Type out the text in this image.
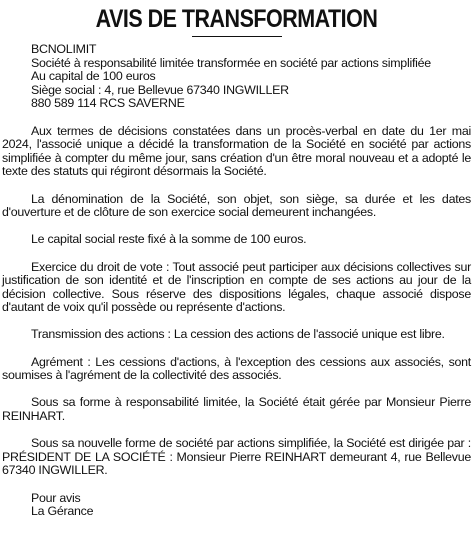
AVIS DE TRANSFORMATION
BCNOLIMIT
Société à responsabilité limitée transformée en société par actions simplifiée
Au capital de 100 euros
Siège social : 4, rue Bellevue 67340 INGWILLER
880 589 114 RCS SAVERNE

Aux termes de décisions constatées dans un procès-verbal en date du 1er mai 2024, l'associé unique a décidé la transformation de la Société en société par actions simplifiée à compter du même jour, sans création d'un être moral nouveau et a adopté le texte des statuts qui régiront désormais la Société.

La dénomination de la Société, son objet, son siège, sa durée et les dates d'ouverture et de clôture de son exercice social demeurent inchangées.

Le capital social reste fixé à la somme de 100 euros.

Exercice du droit de vote : Tout associé peut participer aux décisions collectives sur justification de son identité et de l'inscription en compte de ses actions au jour de la décision collective. Sous réserve des dispositions légales, chaque associé dispose d'autant de voix qu'il possède ou représente d'actions.

Transmission des actions : La cession des actions de l'associé unique est libre.

Agrément : Les cessions d'actions, à l'exception des cessions aux associés, sont soumises à l'agrément de la collectivité des associés.

Sous sa forme à responsabilité limitée, la Société était gérée par Monsieur Pierre REINHART.

Sous sa nouvelle forme de société par actions simplifiée, la Société est dirigée par : PRÉSIDENT DE LA SOCIÉTÉ : Monsieur Pierre REINHART demeurant 4, rue Bellevue 67340 INGWILLER.

Pour avis
La Gérance
